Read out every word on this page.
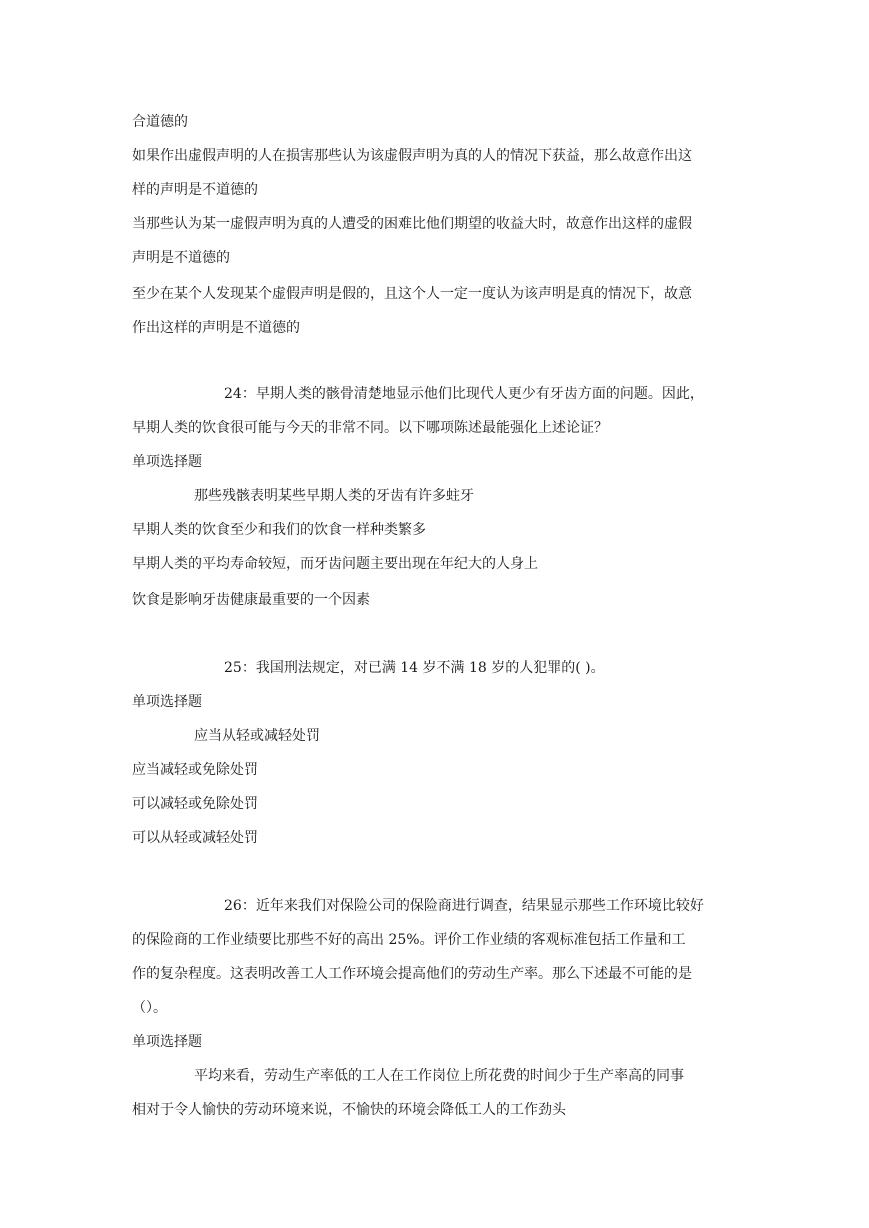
合道德的
如果作出虚假声明的人在损害那些认为该虚假声明为真的人的情况下获益，那么故意作出这
样的声明是不道德的
当那些认为某一虚假声明为真的人遭受的困难比他们期望的收益大时，故意作出这样的虚假
声明是不道德的
至少在某个人发现某个虚假声明是假的，且这个人一定一度认为该声明是真的情况下，故意
作出这样的声明是不道德的
24：早期人类的骸骨清楚地显示他们比现代人更少有牙齿方面的问题。因此，
早期人类的饮食很可能与今天的非常不同。以下哪项陈述最能强化上述论证？
单项选择题
那些残骸表明某些早期人类的牙齿有许多蛀牙
早期人类的饮食至少和我们的饮食一样种类繁多
早期人类的平均寿命较短，而牙齿问题主要出现在年纪大的人身上
饮食是影响牙齿健康最重要的一个因素
25：我国刑法规定，对已满 14 岁不满 18 岁的人犯罪的( )。
单项选择题
应当从轻或减轻处罚
应当减轻或免除处罚
可以减轻或免除处罚
可以从轻或减轻处罚
26：近年来我们对保险公司的保险商进行调查，结果显示那些工作环境比较好
的保险商的工作业绩要比那些不好的高出 25%。评价工作业绩的客观标准包括工作量和工
作的复杂程度。这表明改善工人工作环境会提高他们的劳动生产率。那么下述最不可能的是
（）。
单项选择题
平均来看，劳动生产率低的工人在工作岗位上所花费的时间少于生产率高的同事
相对于令人愉快的劳动环境来说，不愉快的环境会降低工人的工作劲头
